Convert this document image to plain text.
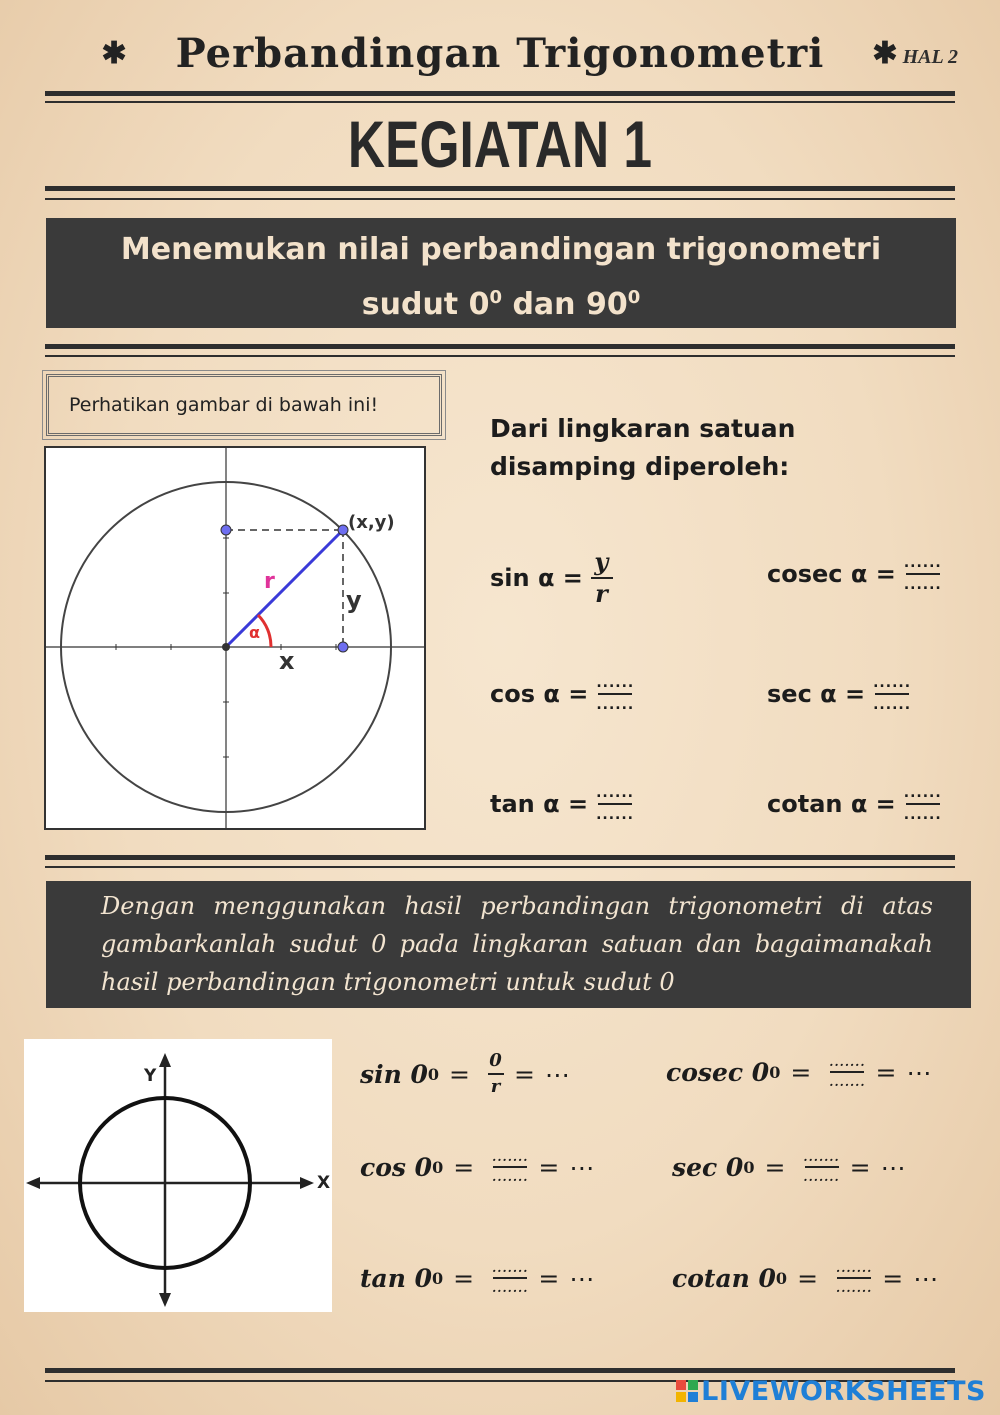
✱ Perbandingan Trigonometri ✱ HAL 2
KEGIATAN 1
Menemukan nilai perbandingan trigonometri
sudut $0^0$ dan $90^0$
Perhatikan gambar di bawah ini!
(x,y)
r
y
x
α
Dari lingkaran satuan disamping diperoleh:
$\sin \alpha = \frac{y}{r}$	cosec $\alpha = \frac{......}{......}$
$\cos \alpha = \frac{......}{......}$	$\sec \alpha = \frac{......}{......}$
$\tan \alpha = \frac{......}{......}$	cotan $\alpha = \frac{......}{......}$
Dengan menggunakan hasil perbandingan trigonometri di atas gambarkanlah sudut 0 pada lingkaran satuan dan bagaimanakah hasil perbandingan trigonometri untuk sudut 0
Y
X
sin 0 $0 = \frac{0}{r}$ = ⋯	cosec 0 $0 = \frac{.......}{.......}$ = ⋯
cos 0 $0 = \frac{.......}{.......}$ = ⋯	sec 0 $0 = \frac{.......}{.......}$ = ⋯
tan 0 $0 = \frac{.......}{.......}$ = ⋯	cotan 0 $0 = \frac{.......}{.......}$ = ⋯
LIVEWORKSHEETS
